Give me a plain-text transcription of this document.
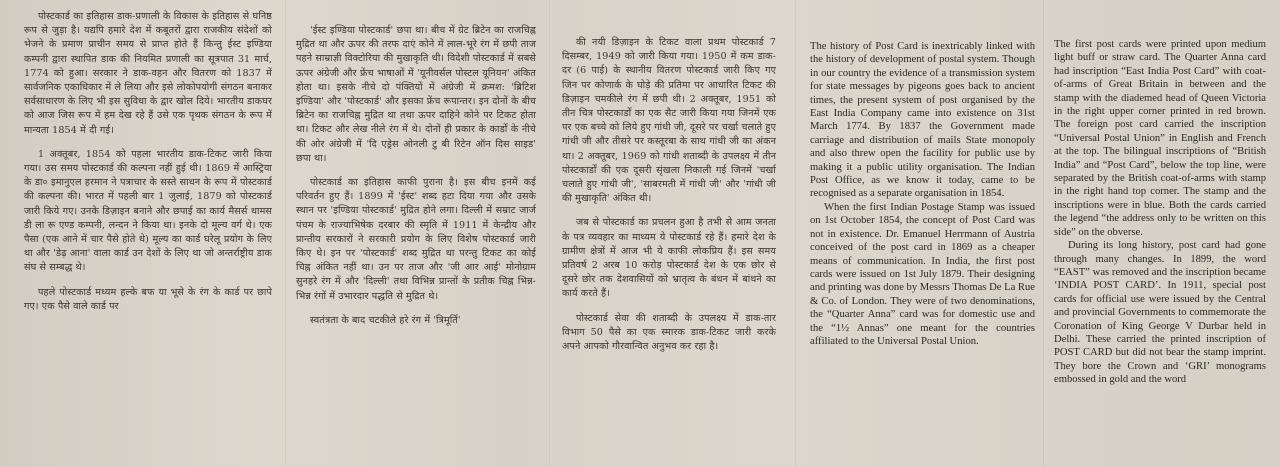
पोस्टकार्ड का इतिहास डाक-प्रणाली के विकास के इतिहास से घनिष्ठ रूप से जुड़ा है। यद्यपि हमारे देश में कबूतरों द्वारा राजकीय संदेशों को भेजने के प्रमाण प्राचीन समय से प्राप्त होते हैं किन्तु ईस्ट इण्डिया कम्पनी द्वारा स्थापित डाक की नियमित प्रणाली का सूत्रपात 31 मार्च, 1774 को हुआ। सरकार ने डाक-वहन और वितरण को 1837 में सार्वजनिक एकाधिकार में ले लिया और इसे लोकोपयोगी संगठन बनाकर सर्वसाधारण के लिए भी इस सुविधा के द्वार खोल दिये। भारतीय डाकघर को आज जिस रूप में हम देख रहे हैं उसे एक पृथक संगठन के रूप में मान्यता 1854 में दी गई।

1 अक्तूबर, 1854 को पहला भारतीय डाक-टिकट जारी किया गया। उस समय पोस्टकार्ड की कल्पना नहीं हुई थी। 1869 में आस्ट्रिया के डा० इमानुएल हरमान ने पत्राचार के सस्ते साधन के रूप में पोस्टकार्ड की कल्पना की। भारत में पहली बार 1 जुलाई, 1879 को पोस्टकार्ड जारी किये गए। उनके डिज़ाइन बनाने और छपाई का कार्य मैसर्स थामस डी ला रू एण्ड कम्पनी, लन्दन ने किया था। इनके दो मूल्य वर्ग थे। एक पैसा (एक आने में चार पैसे होते थे) मूल्य का कार्ड घरेलू प्रयोग के लिए था और 'डेढ़ आना' वाला कार्ड उन देशों के लिए था जो अन्तर्राष्ट्रीय डाक संघ से सम्बद्ध थे।

पहले पोस्टकार्ड मध्यम हल्के बफ या भूसे के रंग के कार्ड पर छापे गए। एक पैसे वाले कार्ड पर

'ईस्ट इण्डिया पोस्टकार्ड' छपा था। बीच में ग्रेट ब्रिटेन का राजचिह्न मुद्रित था और ऊपर की तरफ दाएं कोने में लाल-भूरे रंग में छपी ताज पहने साम्राज्ञी विक्टोरिया की मुखाकृति थी। विदेशी पोस्टकार्ड में सबसे ऊपर अंग्रेजी और फ्रेंच भाषाओं में 'यूनीवर्सल पोस्टल यूनियन' अंकित होता था। इसके नीचे दो पंक्तियों में अंग्रेजी में क्रमश: 'ब्रिटिश इण्डिया' और 'पोस्टकार्ड' और इसका फ्रेंच रूपान्तर। इन दोनों के बीच ब्रिटेन का राजचिह्न मुद्रित था तथा ऊपर दाहिने कोने पर टिकट होता था। टिकट और लेख नीले रंग में थे। दोनों ही प्रकार के कार्डों के नीचे की ओर अंग्रेजी में 'दि एड्रेस ओनली टु बी रिटेन ऑन दिस साइड' छपा था।

पोस्टकार्ड का इतिहास काफी पुराना है। इस बीच इनमें कई परिवर्तन हुए हैं। 1899 में 'ईस्ट' शब्द हटा दिया गया और उसके स्थान पर 'इण्डिया पोस्टकार्ड' मुद्रित होने लगा। दिल्ली में सम्राट जार्ज पंचम के राज्याभिषेक दरबार की स्मृति में 1911 में केन्द्रीय और प्रान्तीय सरकारों ने सरकारी प्रयोग के लिए विशेष पोस्टकार्ड जारी किए थे। इन पर 'पोस्टकार्ड' शब्द मुद्रित था परन्तु टिकट का कोई चिह्न अंकित नहीं था। उन पर ताज और 'जी आर आई' मोनोग्राम सुनहरे रंग में और 'दिल्ली' तथा विभिन्न प्रान्तों के प्रतीक चिह्न भिन्न-भिन्न रंगों में उभारदार पद्धति से मुद्रित थे।

स्वतंत्रता के बाद चटकीले हरे रंग में 'त्रिमूर्ति'

की नयी डिज़ाइन के टिकट वाला प्रथम पोस्टकार्ड 7 दिसम्बर, 1949 को जारी किया गया। 1950 में कम डाक-दर (6 पाई) के स्थानीय वितरण पोस्टकार्ड जारी किए गए जिन पर कोणार्क के घोड़े की प्रतिमा पर आधारित टिकट की डिज़ाइन चमकीले रंग में छपी थी। 2 अक्तूबर, 1951 को तीन चित्र पोस्टकार्डों का एक सैट जारी किया गया जिनमें एक पर एक बच्चे को लिये हुए गांधी जी, दूसरे पर चर्खा चलाते हुए गांधी जी और तीसरे पर कस्तूरबा के साथ गांधी जी का अंकन था। 2 अक्तूबर, 1969 को गांधी शताब्दी के उपलक्ष्य में तीन पोस्टकार्डों की एक दूसरी सृंखला निकाली गई जिनमें 'चर्खा चलाते हुए गांधी जी', 'साबरमती में गांधी जी' और 'गांधी जी की मुखाकृति' अंकित थी।

जब से पोस्टकार्ड का प्रचलन हुआ है तभी से आम जनता के पत्र व्यवहार का माध्यम ये पोस्टकार्ड रहे हैं। हमारे देश के ग्रामीण क्षेत्रों में आज भी ये काफी लोकप्रिय हैं। इस समय प्रतिवर्ष 2 अरब 10 करोड़ पोस्टकार्ड देश के एक छोर से दूसरे छोर तक देशवासियों को भ्रातृत्व के बंधन में बांधने का कार्य करते हैं।

पोस्टकार्ड सेवा की शताब्दी के उपलक्ष्य में डाक-तार विभाग 50 पैसे का एक स्मारक डाक-टिकट जारी करके अपने आपको गौरवान्वित अनुभव कर रहा है।

The history of Post Card is inextricably linked with the history of development of postal system. Though in our country the evidence of a transmission system for state messages by pigeons goes back to ancient times, the present system of post organised by the East India Company came into existence on 31st March 1774. By 1837 the Government made carriage and distribution of mails State monopoly and also threw open the facility for public use by making it a public utility organisation. The Indian Post Office, as we know it today, came to be recognised as a separate organisation in 1854.

When the first Indian Postage Stamp was issued on 1st October 1854, the concept of Post Card was not in existence. Dr. Emanuel Herrmann of Austria conceived of the post card in 1869 as a cheaper means of communication. In India, the first post cards were issued on 1st July 1879. Their designing and printing was done by Messrs Thomas De La Rue & Co. of London. They were of two denominations, the “Quarter Anna” card was for domestic use and the “1½ Annas” one meant for the countries affiliated to the Universal Postal Union.

The first post cards were printed upon medium light buff or straw card. The Quarter Anna card had inscription “East India Post Card” with coat-of-arms of Great Britain in between and the stamp with the diademed head of Queen Victoria in the right upper corner printed in red brown. The foreign post card carried the inscription “Universal Postal Union” in English and French at the top. The bilingual inscriptions of “British India” and “Post Card”, below the top line, were separated by the British coat-of-arms with stamp in the right hand top corner. The stamp and the inscriptions were in blue. Both the cards carried the legend “the address only to be written on this side” on the obverse.

During its long history, post card had gone through many changes. In 1899, the word “EAST” was removed and the inscription became ‘INDIA POST CARD’. In 1911, special post cards for official use were issued by the Central and provincial Governments to commemorate the Coronation of King George V Durbar held in Delhi. These carried the printed inscription of POST CARD but did not bear the stamp imprint. They bore the Crown and ‘GRI’ monograms embossed in gold and the word
